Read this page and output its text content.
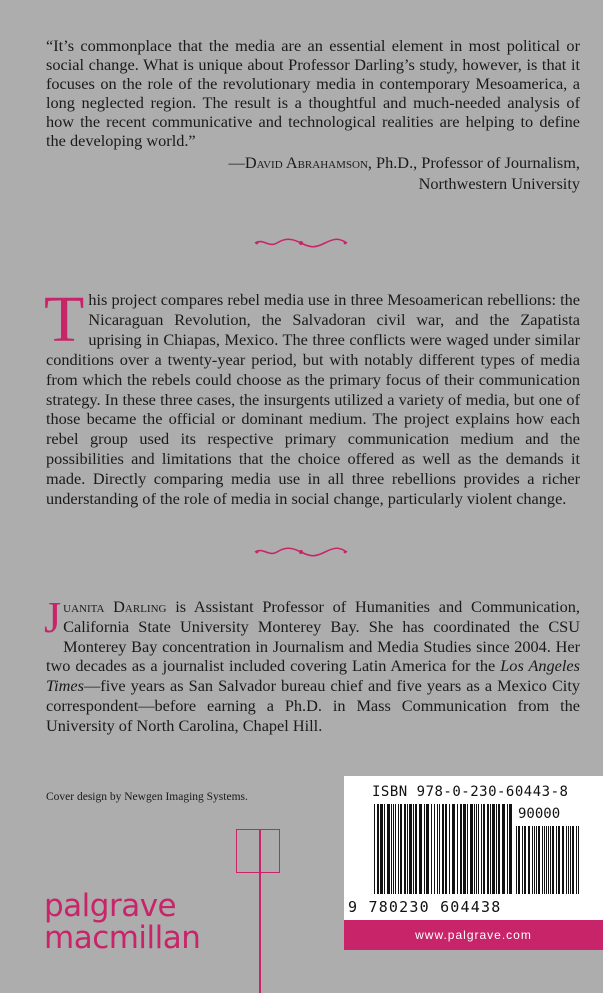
“It’s commonplace that the media are an essential element in most political or social change. What is unique about Professor Darling’s study, however, is that it focuses on the role of the revolutionary media in contemporary Mesoamerica, a long neglected region. The result is a thoughtful and much-needed analysis of how the recent communicative and technological realities are helping to define the developing world.”

—David Abrahamson, Ph.D., Professor of Journalism,
Northwestern University

This project compares rebel media use in three Mesoamerican rebellions: the Nicaraguan Revolution, the Salvadoran civil war, and the Zapatista uprising in Chiapas, Mexico. The three conflicts were waged under similar conditions over a twenty-year period, but with notably different types of media from which the rebels could choose as the primary focus of their communication strategy. In these three cases, the insurgents utilized a variety of media, but one of those became the official or dominant medium. The project explains how each rebel group used its respective primary communication medium and the possibilities and limitations that the choice offered as well as the demands it made. Directly comparing media use in all three rebellions provides a richer understanding of the role of media in social change, particularly violent change.

Juanita Darling is Assistant Professor of Humanities and Communication, California State University Monterey Bay. She has coordinated the CSU Monterey Bay concentration in Journalism and Media Studies since 2004. Her two decades as a journalist included covering Latin America for the Los Angeles Times—five years as San Salvador bureau chief and five years as a Mexico City correspondent—before earning a Ph.D. in Mass Communication from the University of North Carolina, Chapel Hill.

Cover design by Newgen Imaging Systems.
palgrave
macmillan
ISBN 978-0-230-60443-8
90000
9 780230 604438
www.palgrave.com
